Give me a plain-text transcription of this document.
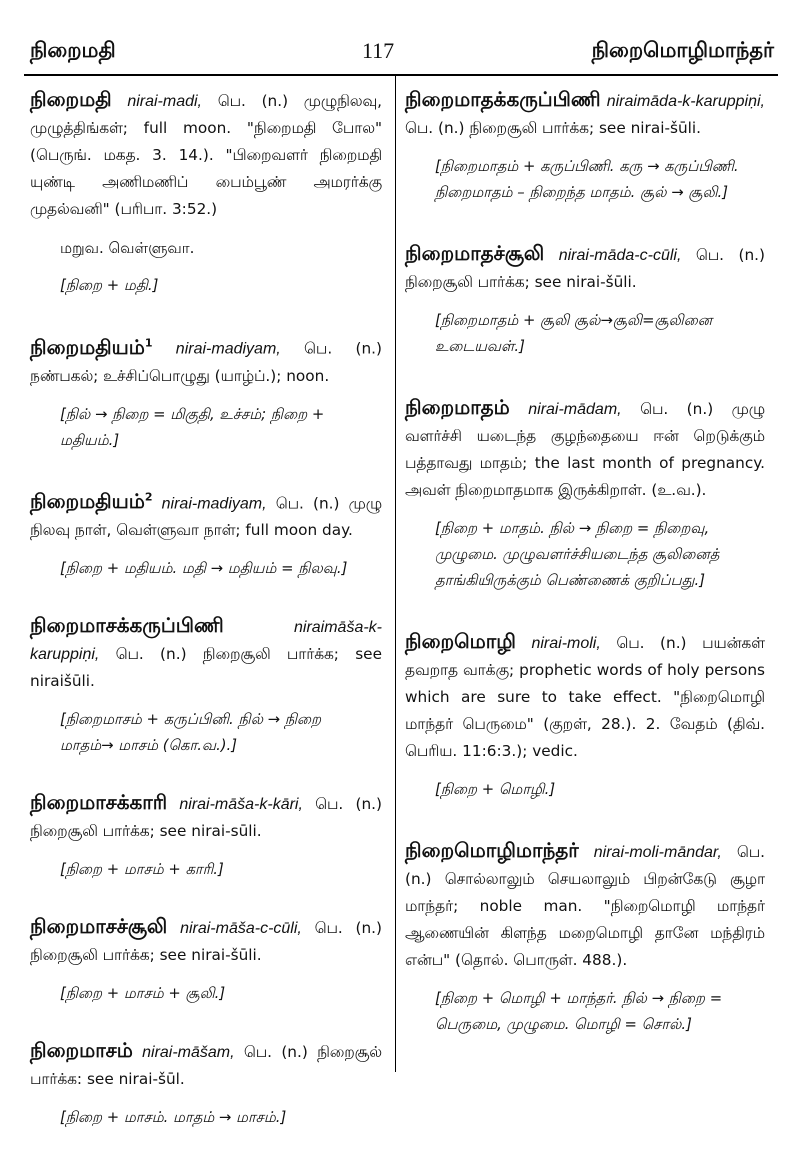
நிறைமதி	117	நிறைமொழிமாந்தர்
நிறைமதி nirai-madi, பெ. (n.) முழுநிலவு, முழுத்திங்கள்; full moon. "நிறைமதி போல" (பெருங். மகத. 3. 14.). "பிறைவளர் நிறைமதி யுண்டி அணிமணிப் பைம்பூண் அமரர்க்கு முதல்வனி" (பரிபா. 3:52.)
மறுவ. வெள்ளுவா.
[நிறை + மதி.]
நிறைமதியம்$^1$ nirai-madiyam, பெ. (n.) நண்பகல்; உச்சிப்பொழுது (யாழ்ப்.); noon.
[நில் → நிறை = மிகுதி, உச்சம்; நிறை + மதியம்.]
நிறைமதியம்$^2$ nirai-madiyam, பெ. (n.) முழு நிலவு நாள், வெள்ளுவா நாள்; full moon day.
[நிறை + மதியம். மதி → மதியம் = நிலவு.]
நிறைமாசக்கருப்பிணி	niraimāša-k-karuppiṇi, பெ. (n.) நிறைசூலி பார்க்க; see niraišūli.
[நிறைமாசம் + கருப்பினி. நில் → நிறை மாதம்→ மாசம் (கொ.வ.).]
நிறைமாசக்காரி nirai-māša-k-kāri, பெ. (n.) நிறைசூலி பார்க்க; see nirai-sūli.
[நிறை + மாசம் + காரி.]
நிறைமாசச்சூலி nirai-māša-c-cūli, பெ. (n.) நிறைசூலி பார்க்க; see nirai-šūli.
[நிறை + மாசம் + சூலி.]
நிறைமாசம் nirai-māšam, பெ. (n.) நிறைசூல் பார்க்க: see nirai-šūl.
[நிறை + மாசம். மாதம் → மாசம்.]
நிறைமாதக்கருப்பிணி niraimāda-k-karuppiṇi, பெ. (n.) நிறைசூலி பார்க்க; see nirai-šūli.
[நிறைமாதம் + கருப்பிணி. கரு → கருப்பிணி. நிறைமாதம் – நிறைந்த மாதம். சூல் → சூலி.]
நிறைமாதச்சூலி nirai-māda-c-cūli, பெ. (n.) நிறைசூலி பார்க்க; see nirai-šūli.
[நிறைமாதம் + சூலி சூல்→சூலி=சூலினை உடையவள்.]
நிறைமாதம் nirai-mādam, பெ. (n.) முழு வளர்ச்சி யடைந்த குழந்தையை ஈன் றெடுக்கும் பத்தாவது மாதம்; the last month of pregnancy. அவள் நிறைமாதமாக இருக்கிறாள். (உ.வ.).
[நிறை + மாதம். நில் → நிறை = நிறைவு, முழுமை. முழுவளர்ச்சியடைந்த சூலினைத் தாங்கியிருக்கும் பெண்ணைக் குறிப்பது.]
நிறைமொழி nirai-moli, பெ. (n.) பயன்கள் தவறாத வாக்கு; prophetic words of holy persons which are sure to take effect. "நிறைமொழி மாந்தர் பெருமை" (குறள், 28.). 2. வேதம் (திவ். பெரிய. 11:6:3.); vedic.
[நிறை + மொழி.]
நிறைமொழிமாந்தர் nirai-moli-māndar, பெ. (n.) சொல்லாலும் செயலாலும் பிறன்கேடு சூழா மாந்தர்; noble man. "நிறைமொழி மாந்தர் ஆணையின் கிளந்த மறைமொழி தானே மந்திரம் என்ப" (தொல். பொருள். 488.).
[நிறை + மொழி + மாந்தர். நில் → நிறை = பெருமை, முழுமை. மொழி = சொல்.]
